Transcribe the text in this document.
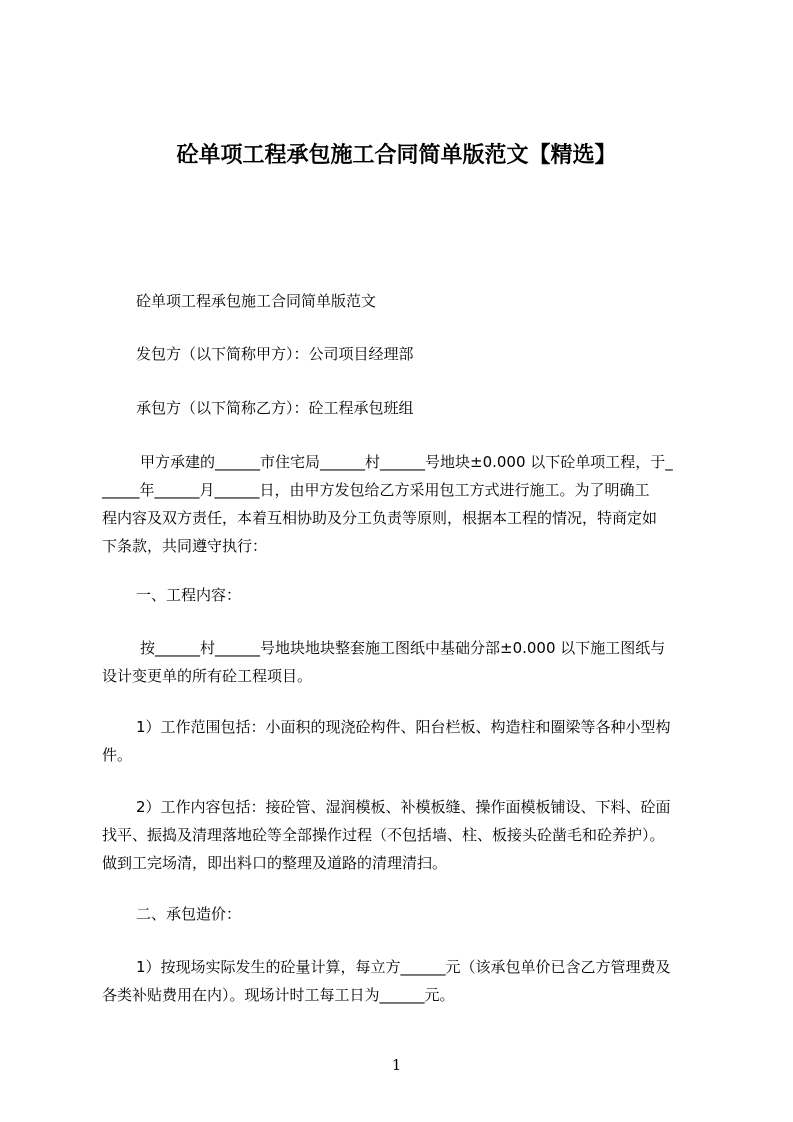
砼单项工程承包施工合同简单版范文【精选】
砼单项工程承包施工合同简单版范文
发包方（以下简称甲方）：公司项目经理部
承包方（以下简称乙方）：砼工程承包班组
甲方承建的______市住宅局______村______号地块±0.000 以下砼单项工程，于_
_____年______月______日，由甲方发包给乙方采用包工方式进行施工。为了明确工
程内容及双方责任，本着互相协助及分工负责等原则，根据本工程的情况，特商定如
下条款，共同遵守执行：
一、工程内容：
按______村______号地块地块整套施工图纸中基础分部±0.000 以下施工图纸与
设计变更单的所有砼工程项目。
1）工作范围包括：小面积的现浇砼构件、阳台栏板、构造柱和圈梁等各种小型构
件。
2）工作内容包括：接砼管、湿润模板、补模板缝、操作面模板铺设、下料、砼面
找平、振捣及清理落地砼等全部操作过程（不包括墙、柱、板接头砼凿毛和砼养护）。
做到工完场清，即出料口的整理及道路的清理清扫。
二、承包造价：
1）按现场实际发生的砼量计算，每立方______元（该承包单价已含乙方管理费及
各类补贴费用在内）。现场计时工每工日为______元。
1
